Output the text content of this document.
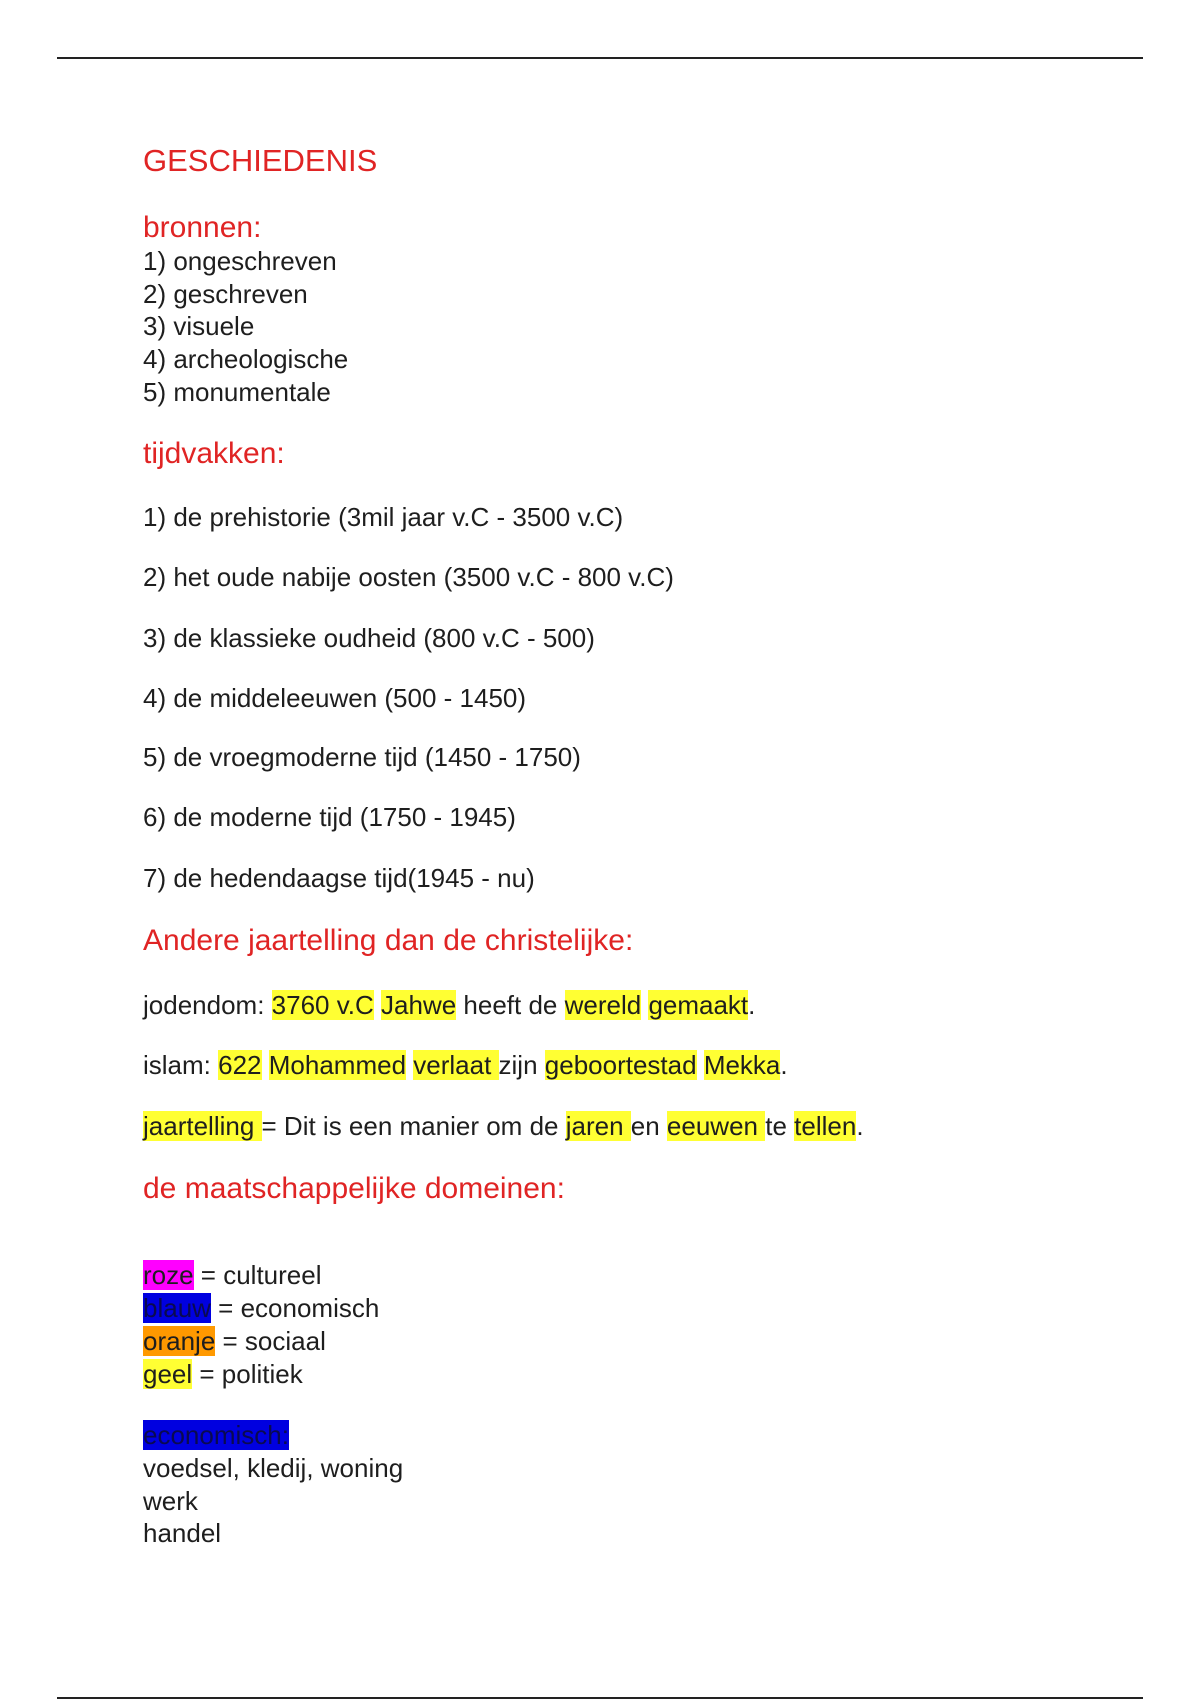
GESCHIEDENIS
bronnen:
1) ongeschreven
2) geschreven
3) visuele
4) archeologische
5) monumentale
tijdvakken:
1) de prehistorie (3mil jaar v.C - 3500 v.C)
2) het oude nabije oosten (3500 v.C - 800 v.C)
3) de klassieke oudheid (800 v.C - 500)
4) de middeleeuwen (500 - 1450)
5) de vroegmoderne tijd (1450 - 1750)
6) de moderne tijd (1750 - 1945)
7) de hedendaagse tijd(1945 - nu)
Andere jaartelling dan de christelijke:
jodendom: 3760 v.C Jahwe heeft de wereld gemaakt.
islam: 622 Mohammed verlaat zijn geboortestad Mekka.
jaartelling = Dit is een manier om de jaren en eeuwen te tellen.
de maatschappelijke domeinen:
roze = cultureel
blauw = economisch
oranje = sociaal
geel = politiek
economisch:
voedsel, kledij, woning
werk
handel
